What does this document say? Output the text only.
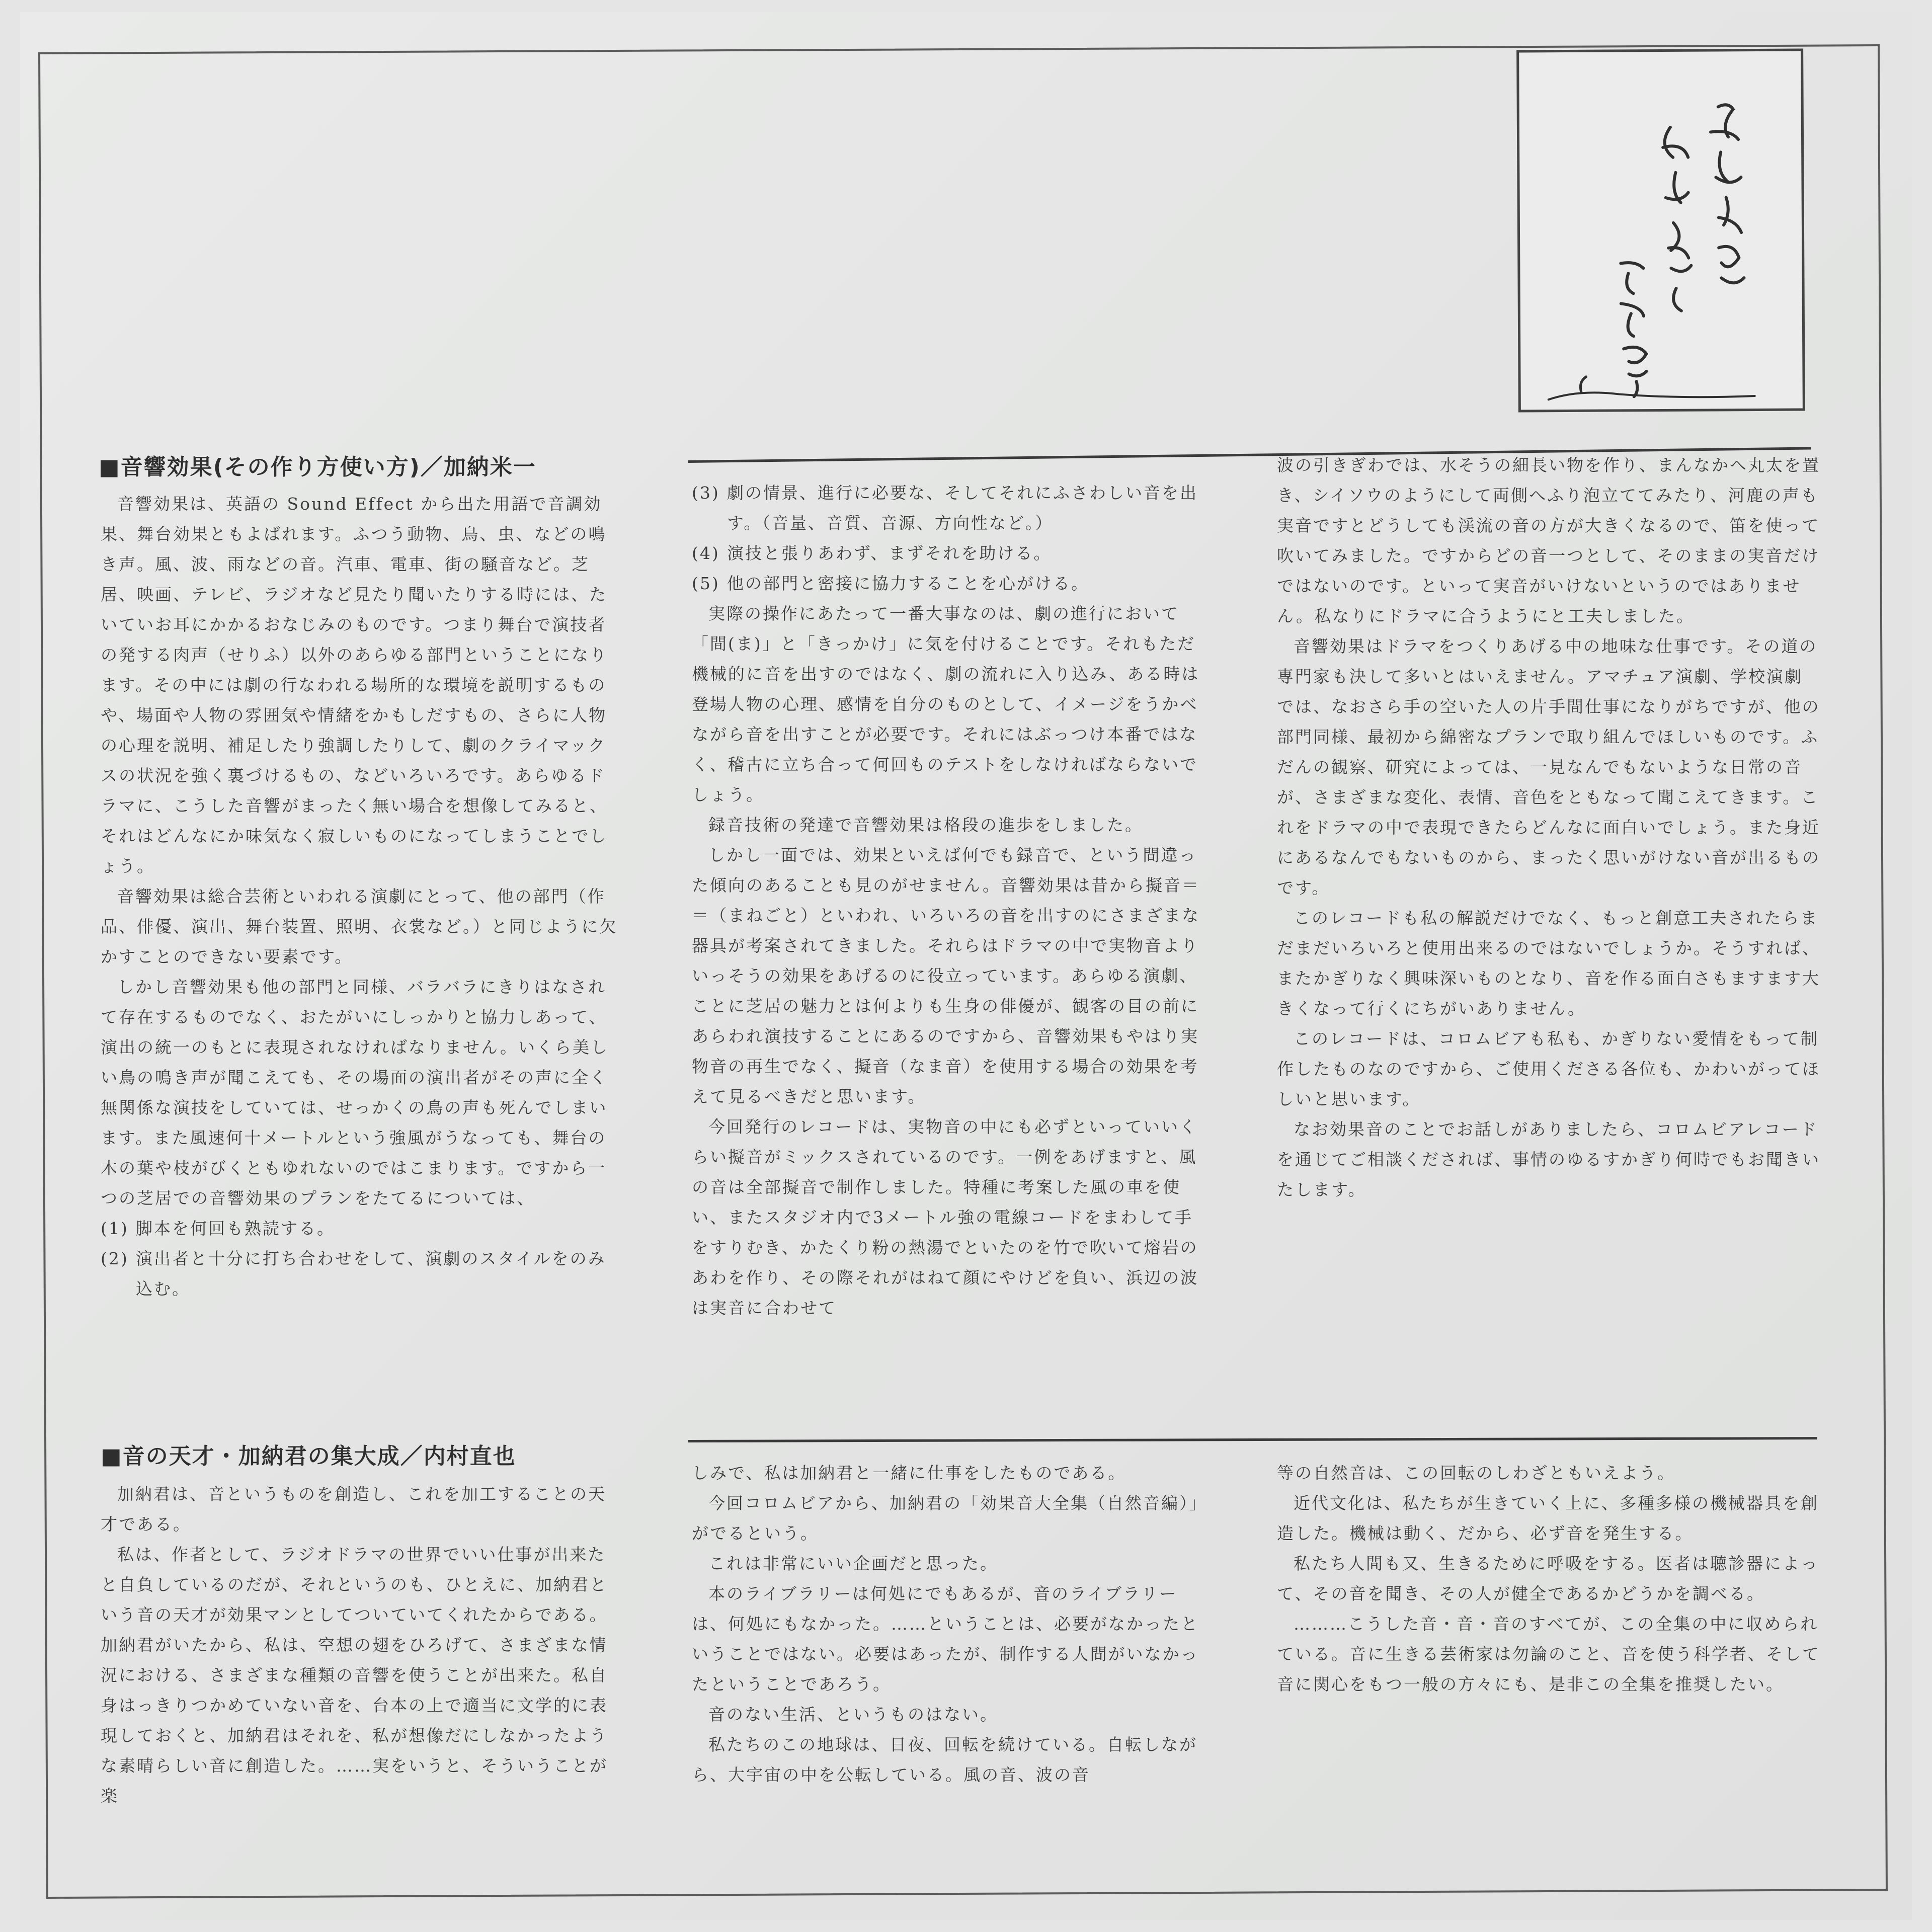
■音響効果(その作り方使い方)／加納米一

音響効果は、英語の Sound Effect から出た用語で音調効果、舞台効果ともよばれます。ふつう動物、鳥、虫、などの鳴き声。風、波、雨などの音。汽車、電車、街の騒音など。芝居、映画、テレビ、ラジオなど見たり聞いたりする時には、たいていお耳にかかるおなじみのものです。つまり舞台で演技者の発する肉声（せりふ）以外のあらゆる部門ということになります。その中には劇の行なわれる場所的な環境を説明するものや、場面や人物の雰囲気や情緒をかもしだすもの、さらに人物の心理を説明、補足したり強調したりして、劇のクライマックスの状況を強く裏づけるもの、などいろいろです。あらゆるドラマに、こうした音響がまったく無い場合を想像してみると、それはどんなにか味気なく寂しいものになってしまうことでしょう。

音響効果は総合芸術といわれる演劇にとって、他の部門（作品、俳優、演出、舞台装置、照明、衣裳など。）と同じように欠かすことのできない要素です。

しかし音響効果も他の部門と同様、バラバラにきりはなされて存在するものでなく、おたがいにしっかりと協力しあって、演出の統一のもとに表現されなければなりません。いくら美しい鳥の鳴き声が聞こえても、その場面の演出者がその声に全く無関係な演技をしていては、せっかくの鳥の声も死んでしまいます。また風速何十メートルという強風がうなっても、舞台の木の葉や枝がびくともゆれないのではこまります。ですから一つの芝居での音響効果のプランをたてるについては、

(1) 脚本を何回も熟読する。

(2) 演出者と十分に打ち合わせをして、演劇のスタイルをのみ込む。

(3) 劇の情景、進行に必要な、そしてそれにふさわしい音を出す。（音量、音質、音源、方向性など。）

(4) 演技と張りあわず、まずそれを助ける。

(5) 他の部門と密接に協力することを心がける。

実際の操作にあたって一番大事なのは、劇の進行において「間(ま)」と「きっかけ」に気を付けることです。それもただ機械的に音を出すのではなく、劇の流れに入り込み、ある時は登場人物の心理、感情を自分のものとして、イメージをうかべながら音を出すことが必要です。それにはぶっつけ本番ではなく、稽古に立ち合って何回ものテストをしなければならないでしょう。

録音技術の発達で音響効果は格段の進歩をしました。

しかし一面では、効果といえば何でも録音で、という間違った傾向のあることも見のがせません。音響効果は昔から擬音＝＝（まねごと）といわれ、いろいろの音を出すのにさまざまな器具が考案されてきました。それらはドラマの中で実物音よりいっそうの効果をあげるのに役立っています。あらゆる演劇、ことに芝居の魅力とは何よりも生身の俳優が、観客の目の前にあらわれ演技することにあるのですから、音響効果もやはり実物音の再生でなく、擬音（なま音）を使用する場合の効果を考えて見るべきだと思います。

今回発行のレコードは、実物音の中にも必ずといっていいくらい擬音がミックスされているのです。一例をあげますと、風の音は全部擬音で制作しました。特種に考案した風の車を使い、またスタジオ内で3メートル強の電線コードをまわして手をすりむき、かたくり粉の熱湯でといたのを竹で吹いて熔岩のあわを作り、その際それがはねて顔にやけどを負い、浜辺の波は実音に合わせて

波の引きぎわでは、水そうの細長い物を作り、まんなかへ丸太を置き、シイソウのようにして両側へふり泡立ててみたり、河鹿の声も実音ですとどうしても渓流の音の方が大きくなるので、笛を使って吹いてみました。ですからどの音一つとして、そのままの実音だけではないのです。といって実音がいけないというのではありません。私なりにドラマに合うようにと工夫しました。

音響効果はドラマをつくりあげる中の地味な仕事です。その道の専門家も決して多いとはいえません。アマチュア演劇、学校演劇では、なおさら手の空いた人の片手間仕事になりがちですが、他の部門同様、最初から綿密なプランで取り組んでほしいものです。ふだんの観察、研究によっては、一見なんでもないような日常の音が、さまざまな変化、表情、音色をともなって聞こえてきます。これをドラマの中で表現できたらどんなに面白いでしょう。また身近にあるなんでもないものから、まったく思いがけない音が出るものです。

このレコードも私の解説だけでなく、もっと創意工夫されたらまだまだいろいろと使用出来るのではないでしょうか。そうすれば、またかぎりなく興味深いものとなり、音を作る面白さもますます大きくなって行くにちがいありません。

このレコードは、コロムビアも私も、かぎりない愛情をもって制作したものなのですから、ご使用くださる各位も、かわいがってほしいと思います。

なお効果音のことでお話しがありましたら、コロムビアレコードを通じてご相談くだされば、事情のゆるすかぎり何時でもお聞きいたします。

■音の天才・加納君の集大成／内村直也

加納君は、音というものを創造し、これを加工することの天才である。

私は、作者として、ラジオドラマの世界でいい仕事が出来たと自負しているのだが、それというのも、ひとえに、加納君という音の天才が効果マンとしてついていてくれたからである。加納君がいたから、私は、空想の翅をひろげて、さまざまな情況における、さまざまな種類の音響を使うことが出来た。私自身はっきりつかめていない音を、台本の上で適当に文学的に表現しておくと、加納君はそれを、私が想像だにしなかったような素晴らしい音に創造した。……実をいうと、そういうことが楽

しみで、私は加納君と一緒に仕事をしたものである。

今回コロムビアから、加納君の「効果音大全集（自然音編）」がでるという。

これは非常にいい企画だと思った。

本のライブラリーは何処にでもあるが、音のライブラリーは、何処にもなかった。……ということは、必要がなかったということではない。必要はあったが、制作する人間がいなかったということであろう。

音のない生活、というものはない。

私たちのこの地球は、日夜、回転を続けている。自転しながら、大宇宙の中を公転している。風の音、波の音

等の自然音は、この回転のしわざともいえよう。

近代文化は、私たちが生きていく上に、多種多様の機械器具を創造した。機械は動く、だから、必ず音を発生する。

私たち人間も又、生きるために呼吸をする。医者は聴診器によって、その音を聞き、その人が健全であるかどうかを調べる。

………こうした音・音・音のすべてが、この全集の中に収められている。音に生きる芸術家は勿論のこと、音を使う科学者、そして音に関心をもつ一般の方々にも、是非この全集を推奨したい。
